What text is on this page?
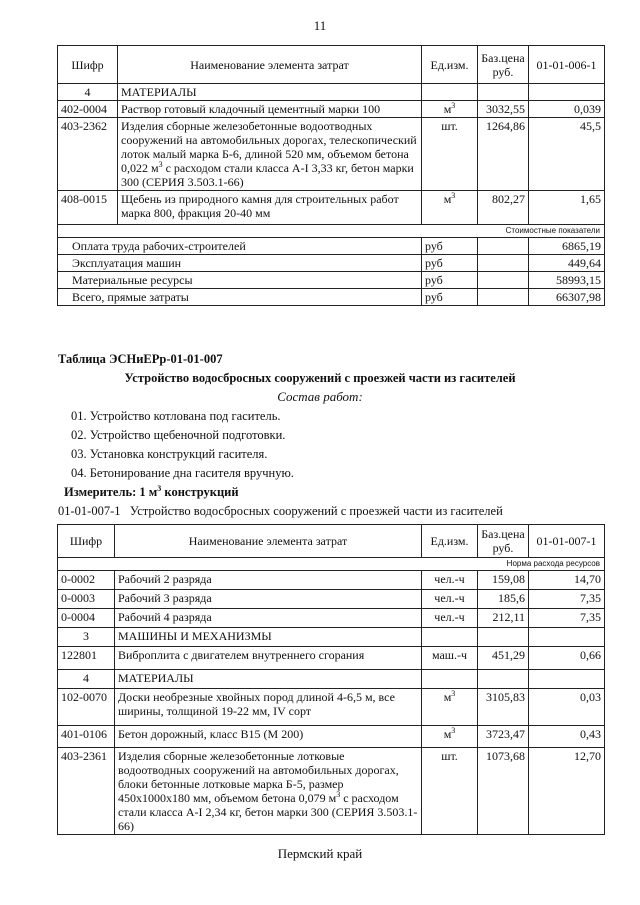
11
Шифр	Наименование элемента затрат	Ед.изм.	Баз.цена руб.	01-01-006-1
4	МАТЕРИАЛЫ			
402-0004	Раствор готовый кладочный цементный марки 100	$м^3$	3032,55	0,039
403-2362	Изделия сборные железобетонные водоотводных сооружений на автомобильных дорогах, телескопический лоток малый марка Б-6, длиной 520 мм, объемом бетона 0,022 $м^3$ с расходом стали класса А-I 3,33 кг, бетон марки 300 (СЕРИЯ 3.503.1-66)	шт.	1264,86	45,5
408-0015	Щебень из природного камня для строительных работ марка 800, фракция 20-40 мм	$м^3$	802,27	1,65
Стоимостные показатели				
Оплата труда рабочих-строителей		руб		6865,19
Эксплуатация машин		руб		449,64
Материальные ресурсы		руб		58993,15
Всего, прямые затраты		руб		66307,98
Таблица ЭСНиЕРр-01-01-007
Устройство водосбросных сооружений с проезжей части из гасителей
Состав работ:
01. Устройство котлована под гаситель.
02. Устройство щебеночной подготовки.
03. Установка конструкций гасителя.
04. Бетонирование дна гасителя вручную.
Измеритель: 1 $м^3$ конструкций
01-01-007-1   Устройство водосбросных сооружений с проезжей части из гасителей
Шифр	Наименование элемента затрат	Ед.изм.	Баз.цена руб.	01-01-007-1
Норма расхода ресурсов				
0-0002	Рабочий 2 разряда	чел.-ч	159,08	14,70
0-0003	Рабочий 3 разряда	чел.-ч	185,6	7,35
0-0004	Рабочий 4 разряда	чел.-ч	212,11	7,35
3	МАШИНЫ И МЕХАНИЗМЫ			
122801	Виброплита с двигателем внутреннего сгорания	маш.-ч	451,29	0,66
4	МАТЕРИАЛЫ			
102-0070	Доски необрезные хвойных пород длиной 4-6,5 м, все ширины, толщиной 19-22 мм, IV сорт	$м^3$	3105,83	0,03
401-0106	Бетон дорожный, класс B15 (M 200)	$м^3$	3723,47	0,43
403-2361	Изделия сборные железобетонные лотковые водоотводных сооружений на автомобильных дорогах, блоки бетонные лотковые марка Б-5, размер 450х1000х180 мм, объемом бетона 0,079 $м^3$ с расходом стали класса А-I 2,34 кг, бетон марки 300 (СЕРИЯ 3.503.1-66)	шт.	1073,68	12,70
Пермский край
